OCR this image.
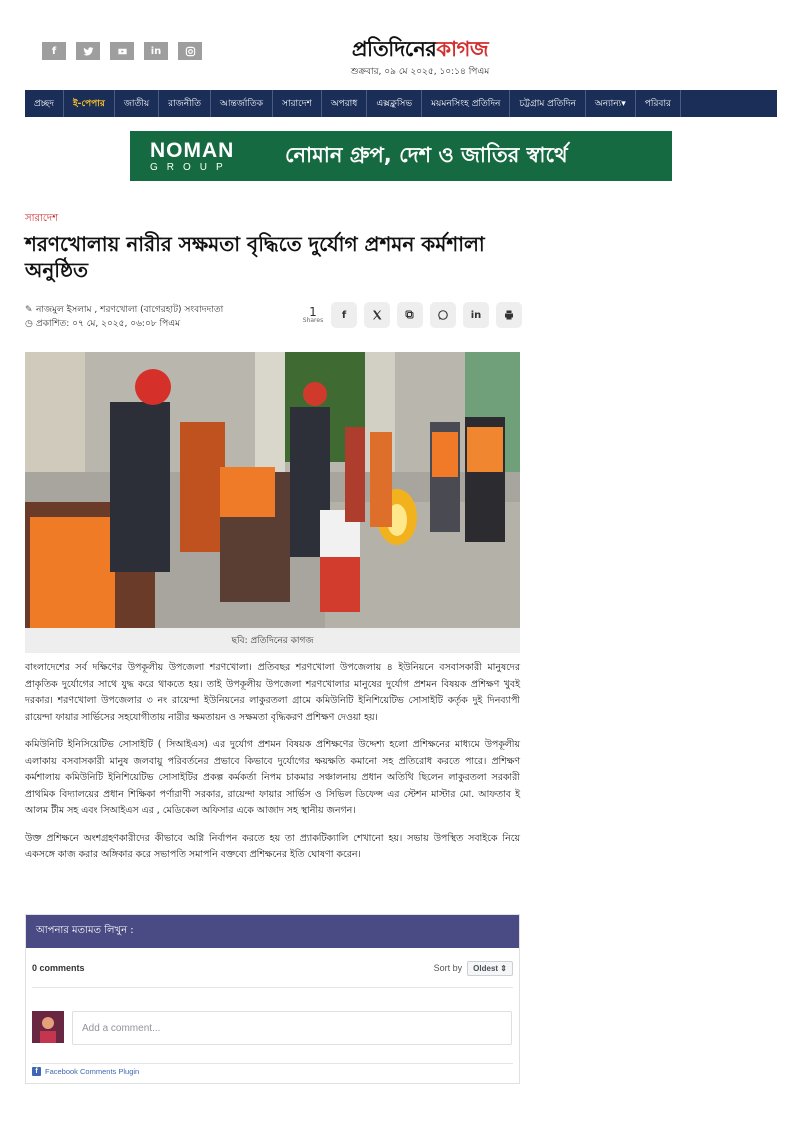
f	in	প্রতিদিনেরকাগজ
শুক্রবার, ০৯ মে ২০২৫, ১০:১৪ পিএম
প্রচ্ছদ	ই-পেপার	জাতীয়	রাজনীতি	আন্তর্জাতিক	সারাদেশ	অপরাধ	এক্সক্লুসিভ	ময়মনসিংহ প্রতিদিন	চট্টগ্রাম প্রতিদিন	অন্যান্য▾	পরিবার
NOMAN
GROUP
নোমান গ্রুপ, দেশ ও জাতির স্বার্থে
সারাদেশ
শরণখোলায় নারীর সক্ষমতা বৃদ্ধিতে দুর্যোগ প্রশমন কর্মশালা অনুষ্ঠিত
✎ নাজমুল ইসলাম , শরণখোলা (বাগেরহাট) সংবাদদাতা
◷ প্রকাশিত: ০৭ মে, ২০২৫, ০৬:০৮ পিএম
1
Shares	f	in
ছবি: প্রতিদিনের কাগজ

বাংলাদেশের সর্ব দক্ষিণের উপকূলীয় উপজেলা শরণখোলা। প্রতিবছর শরণখোলা উপজেলায় ৪ ইউনিয়নে বসবাসকারী মানুষদের প্রাকৃতিক দুর্যোগের সাথে যুদ্ধ করে থাকতে হয়। তাই উপকূলীয় উপজেলা শরণখোলার মানুষের দুর্যোগ প্রশমন বিষয়ক প্রশিক্ষণ খুবই দরকার। শরণখোলা উপজেলার ৩ নং রায়েন্দা ইউনিয়নের লাকুরতলা গ্রামে কমিউনিটি ইনিশিয়েটিভ সোসাইটি কর্তৃক দুই দিনব্যাপী রায়েন্দা ফায়ার সার্ভিসের সহযোগীতায় নারীর ক্ষমতায়ন ও সক্ষমতা বৃদ্ধিকরণ প্রশিক্ষণ দেওয়া হয়।

কমিউনিটি ইনিসিয়েটিভ সোসাইটি ( সিআইএস) এর দুর্যোগ প্রশমন বিষয়ক প্রশিক্ষণের উদ্দেশ্য হলো প্রশিক্ষনের মাধ্যমে উপকূলীয় এলাকায় বসবাসকারী মানুষ জলবায়ু পরিবর্তনের প্রভাবে কিভাবে দুর্যোগের ক্ষয়ক্ষতি কমানো সহ প্রতিরোধ করতে পারে। প্রশিক্ষণ কর্মশালায় কমিউনিটি ইনিশিয়েটিভ সোসাইটির প্রকল্প কর্মকর্তা নিপম চাকমার সঞ্চালনায় প্রধান অতিথি ছিলেন লাকুরতলা সরকারী প্রাথমিক বিদ্যালয়ের প্রধান শিক্ষিকা পর্ণারাণী সরকার, রায়েন্দা ফায়ার সার্ভিস ও সিভিল ডিফেন্স এর স্টেশন মাস্টার মো. আফতাব ই আলম টীম সহ এবং সিআইএস এর , মেডিকেল অফিসার একে আজাদ সহ স্থানীয় জনগন।

উক্ত প্রশিক্ষনে অংশগ্রহণকারীদের কীভাবে অগ্নি নির্বাপন করতে হয় তা প্র্যাকটিক্যালি শেখানো হয়। সভায় উপস্থিত সবাইকে নিয়ে একসঙ্গে কাজ করার অঙ্গিকার করে সভাপতি সমাপনি বক্তব্যে প্রশিক্ষনের ইতি ঘোষণা করেন।

আপনার মতামত লিখুন :
0 comments	Sort by	Oldest ⇕
Add a comment...
f Facebook Comments Plugin
